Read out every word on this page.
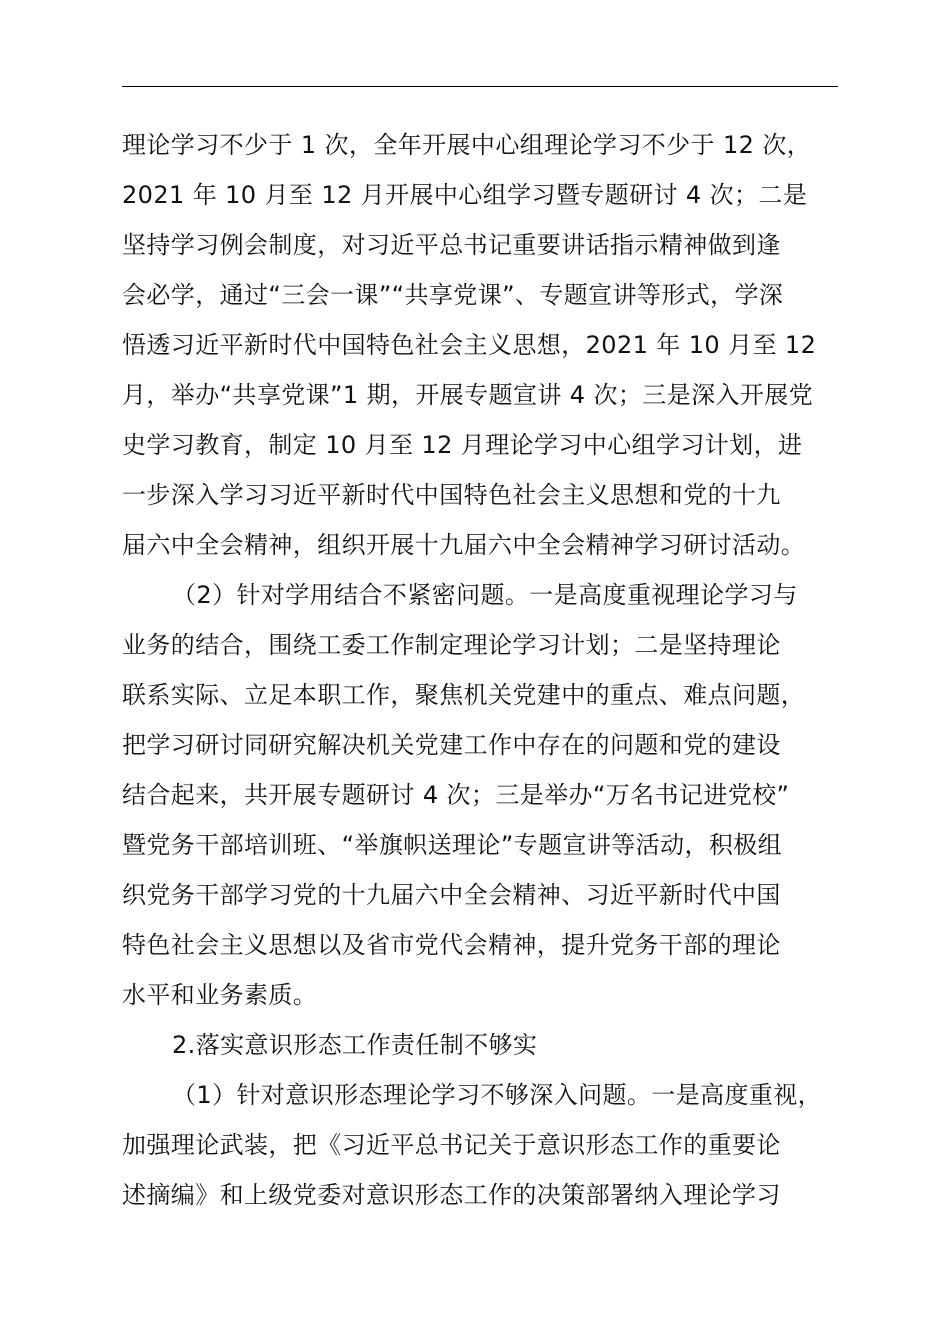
理论学习不少于 1 次，全年开展中心组理论学习不少于 12 次，
2021 年 10 月至 12 月开展中心组学习暨专题研讨 4 次；二是
坚持学习例会制度，对习近平总书记重要讲话指示精神做到逢
会必学，通过“三会一课”“共享党课”、专题宣讲等形式，学深
悟透习近平新时代中国特色社会主义思想，2021 年 10 月至 12
月，举办“共享党课”1 期，开展专题宣讲 4 次；三是深入开展党
史学习教育，制定 10 月至 12 月理论学习中心组学习计划，进
一步深入学习习近平新时代中国特色社会主义思想和党的十九
届六中全会精神，组织开展十九届六中全会精神学习研讨活动。
（2）针对学用结合不紧密问题。一是高度重视理论学习与
业务的结合，围绕工委工作制定理论学习计划；二是坚持理论
联系实际、立足本职工作，聚焦机关党建中的重点、难点问题，
把学习研讨同研究解决机关党建工作中存在的问题和党的建设
结合起来，共开展专题研讨 4 次；三是举办“万名书记进党校”
暨党务干部培训班、“举旗帜送理论”专题宣讲等活动，积极组
织党务干部学习党的十九届六中全会精神、习近平新时代中国
特色社会主义思想以及省市党代会精神，提升党务干部的理论
水平和业务素质。
2.落实意识形态工作责任制不够实
（1）针对意识形态理论学习不够深入问题。一是高度重视，
加强理论武装，把《习近平总书记关于意识形态工作的重要论
述摘编》和上级党委对意识形态工作的决策部署纳入理论学习
